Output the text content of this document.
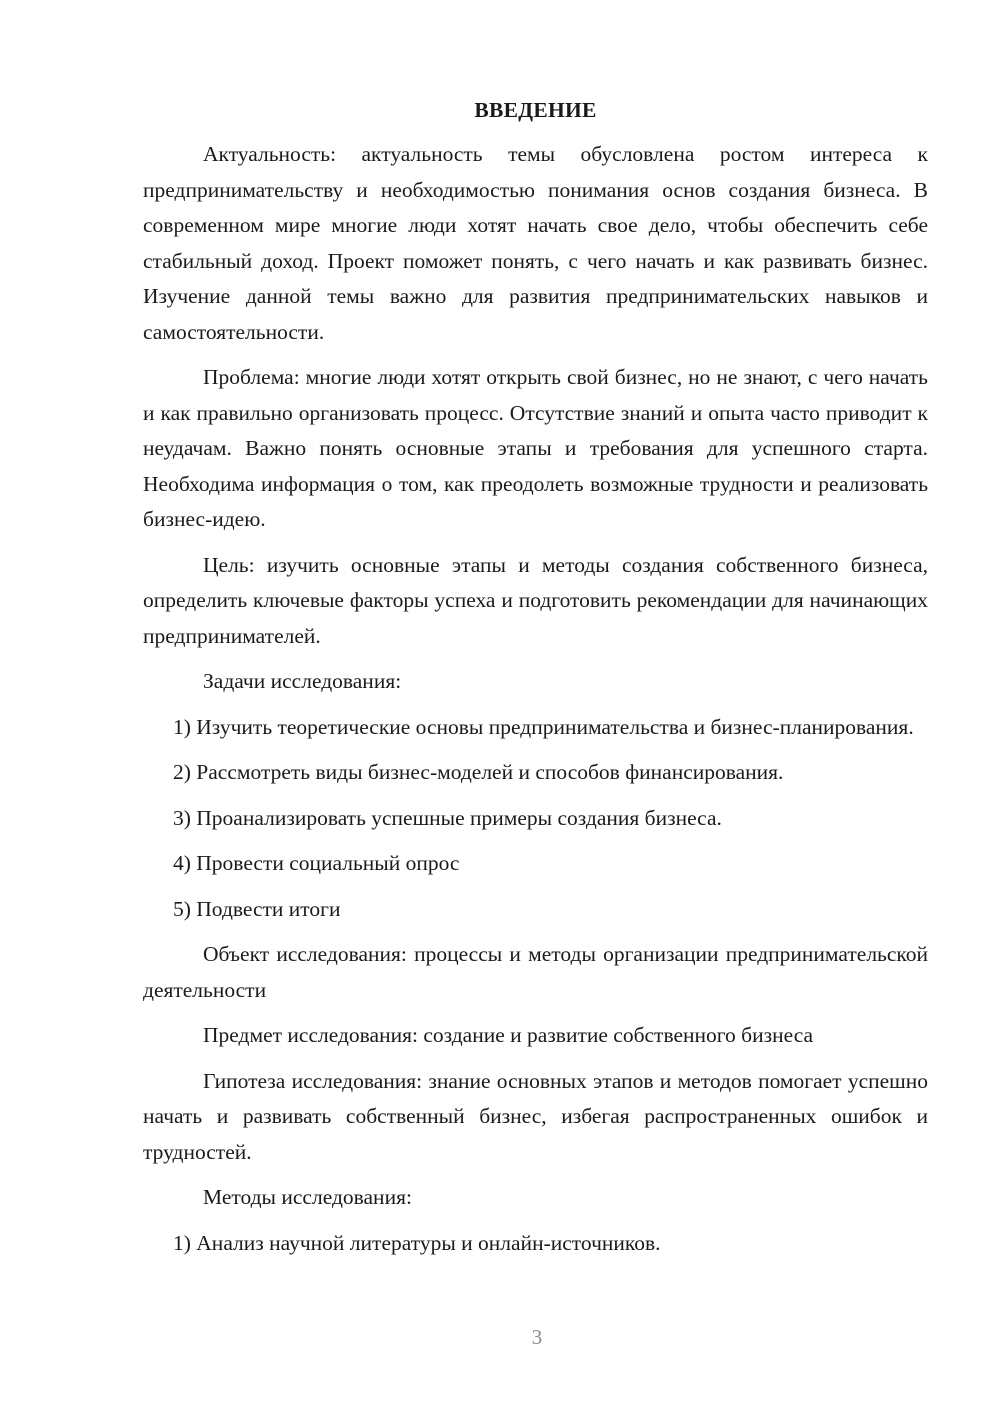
ВВЕДЕНИЕ

Актуальность: актуальность темы обусловлена ростом интереса к предпринимательству и необходимостью понимания основ создания бизнеса. В современном мире многие люди хотят начать свое дело, чтобы обеспечить себе стабильный доход. Проект поможет понять, с чего начать и как развивать бизнес. Изучение данной темы важно для развития предпринимательских навыков и самостоятельности.

Проблема: многие люди хотят открыть свой бизнес, но не знают, с чего начать и как правильно организовать процесс. Отсутствие знаний и опыта часто приводит к неудачам. Важно понять основные этапы и требования для успешного старта. Необходима информация о том, как преодолеть возможные трудности и реализовать бизнес-идею.

Цель: изучить основные этапы и методы создания собственного бизнеса, определить ключевые факторы успеха и подготовить рекомендации для начинающих предпринимателей.

Задачи исследования:

1) Изучить теоретические основы предпринимательства и бизнес-планирования.

2) Рассмотреть виды бизнес-моделей и способов финансирования.

3) Проанализировать успешные примеры создания бизнеса.

4) Провести социальный опрос

5) Подвести итоги

Объект исследования: процессы и методы организации предпринимательской деятельности

Предмет исследования: создание и развитие собственного бизнеса

Гипотеза исследования: знание основных этапов и методов помогает успешно начать и развивать собственный бизнес, избегая распространенных ошибок и трудностей.

Методы исследования:

1) Анализ научной литературы и онлайн-источников.

3
